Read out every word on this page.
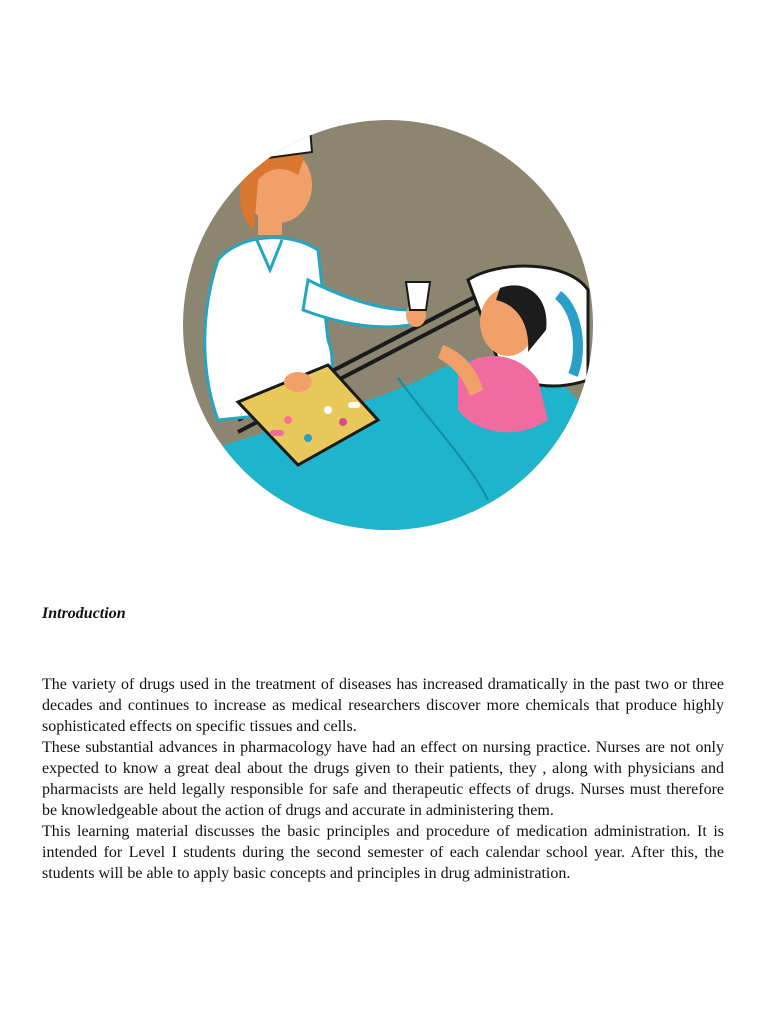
Introduction

The variety of drugs used in the treatment of diseases has increased dramatically in the past two or three decades and continues to increase as medical researchers discover more chemicals that produce highly sophisticated effects on specific tissues and cells.

These substantial advances in pharmacology have had an effect on nursing practice. Nurses are not only expected to know a great deal about the drugs given to their patients, they , along with physicians and pharmacists are held legally responsible for safe and therapeutic effects of drugs. Nurses must therefore be knowledgeable about the action of drugs and accurate in administering them.

This learning material discusses the basic principles and procedure of medication administration. It is intended for Level I students during the second semester of each calendar school year. After this, the students will be able to apply basic concepts and principles in drug administration.
